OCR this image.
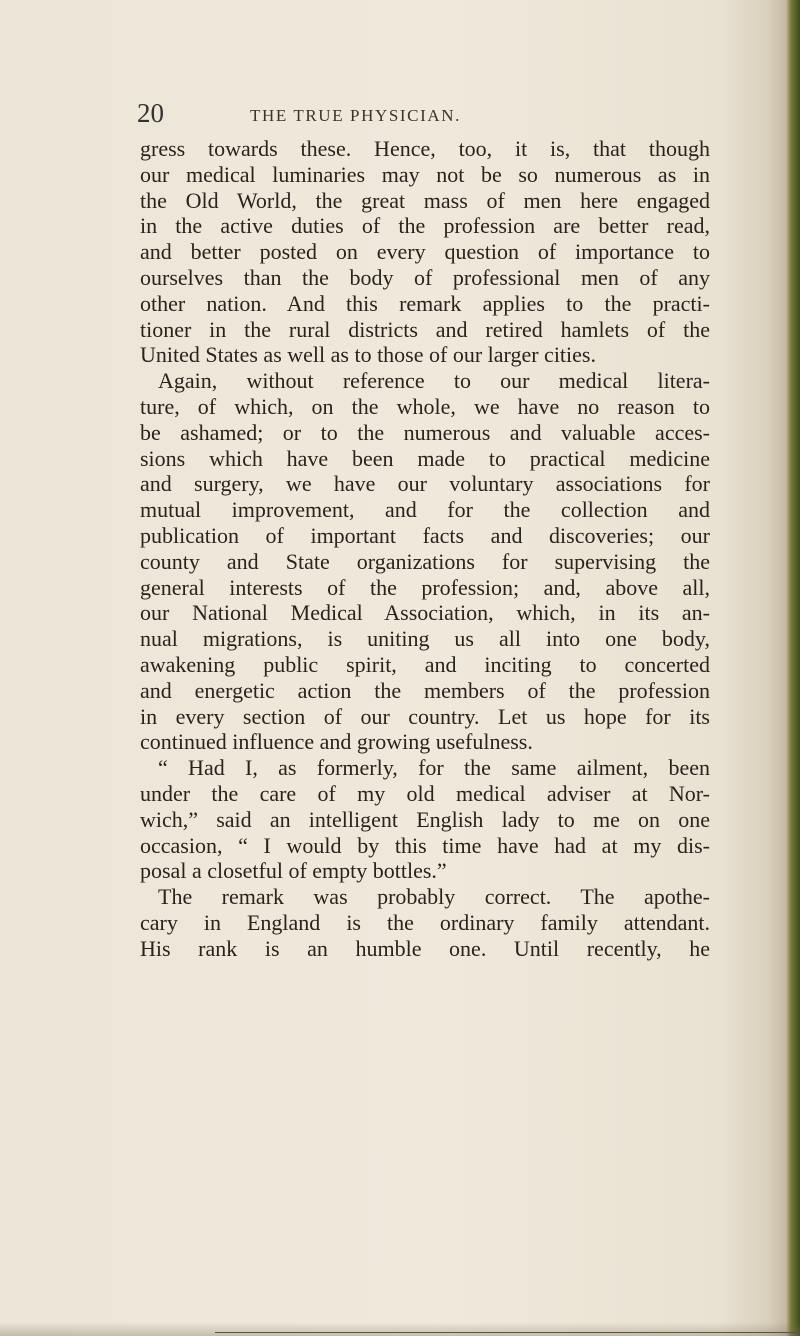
20	THE TRUE PHYSICIAN.
gress towards these. Hence, too, it is, that though
our medical luminaries may not be so numerous as in
the Old World, the great mass of men here engaged
in the active duties of the profession are better read,
and better posted on every question of importance to
ourselves than the body of professional men of any
other nation. And this remark applies to the practi-
tioner in the rural districts and retired hamlets of the
United States as well as to those of our larger cities.
Again, without reference to our medical litera-
ture, of which, on the whole, we have no reason to
be ashamed; or to the numerous and valuable acces-
sions which have been made to practical medicine
and surgery, we have our voluntary associations for
mutual improvement, and for the collection and
publication of important facts and discoveries; our
county and State organizations for supervising the
general interests of the profession; and, above all,
our National Medical Association, which, in its an-
nual migrations, is uniting us all into one body,
awakening public spirit, and inciting to concerted
and energetic action the members of the profession
in every section of our country. Let us hope for its
continued influence and growing usefulness.
“ Had I, as formerly, for the same ailment, been
under the care of my old medical adviser at Nor-
wich,” said an intelligent English lady to me on one
occasion, “ I would by this time have had at my dis-
posal a closetful of empty bottles.”
The remark was probably correct. The apothe-
cary in England is the ordinary family attendant.
His rank is an humble one. Until recently, he
